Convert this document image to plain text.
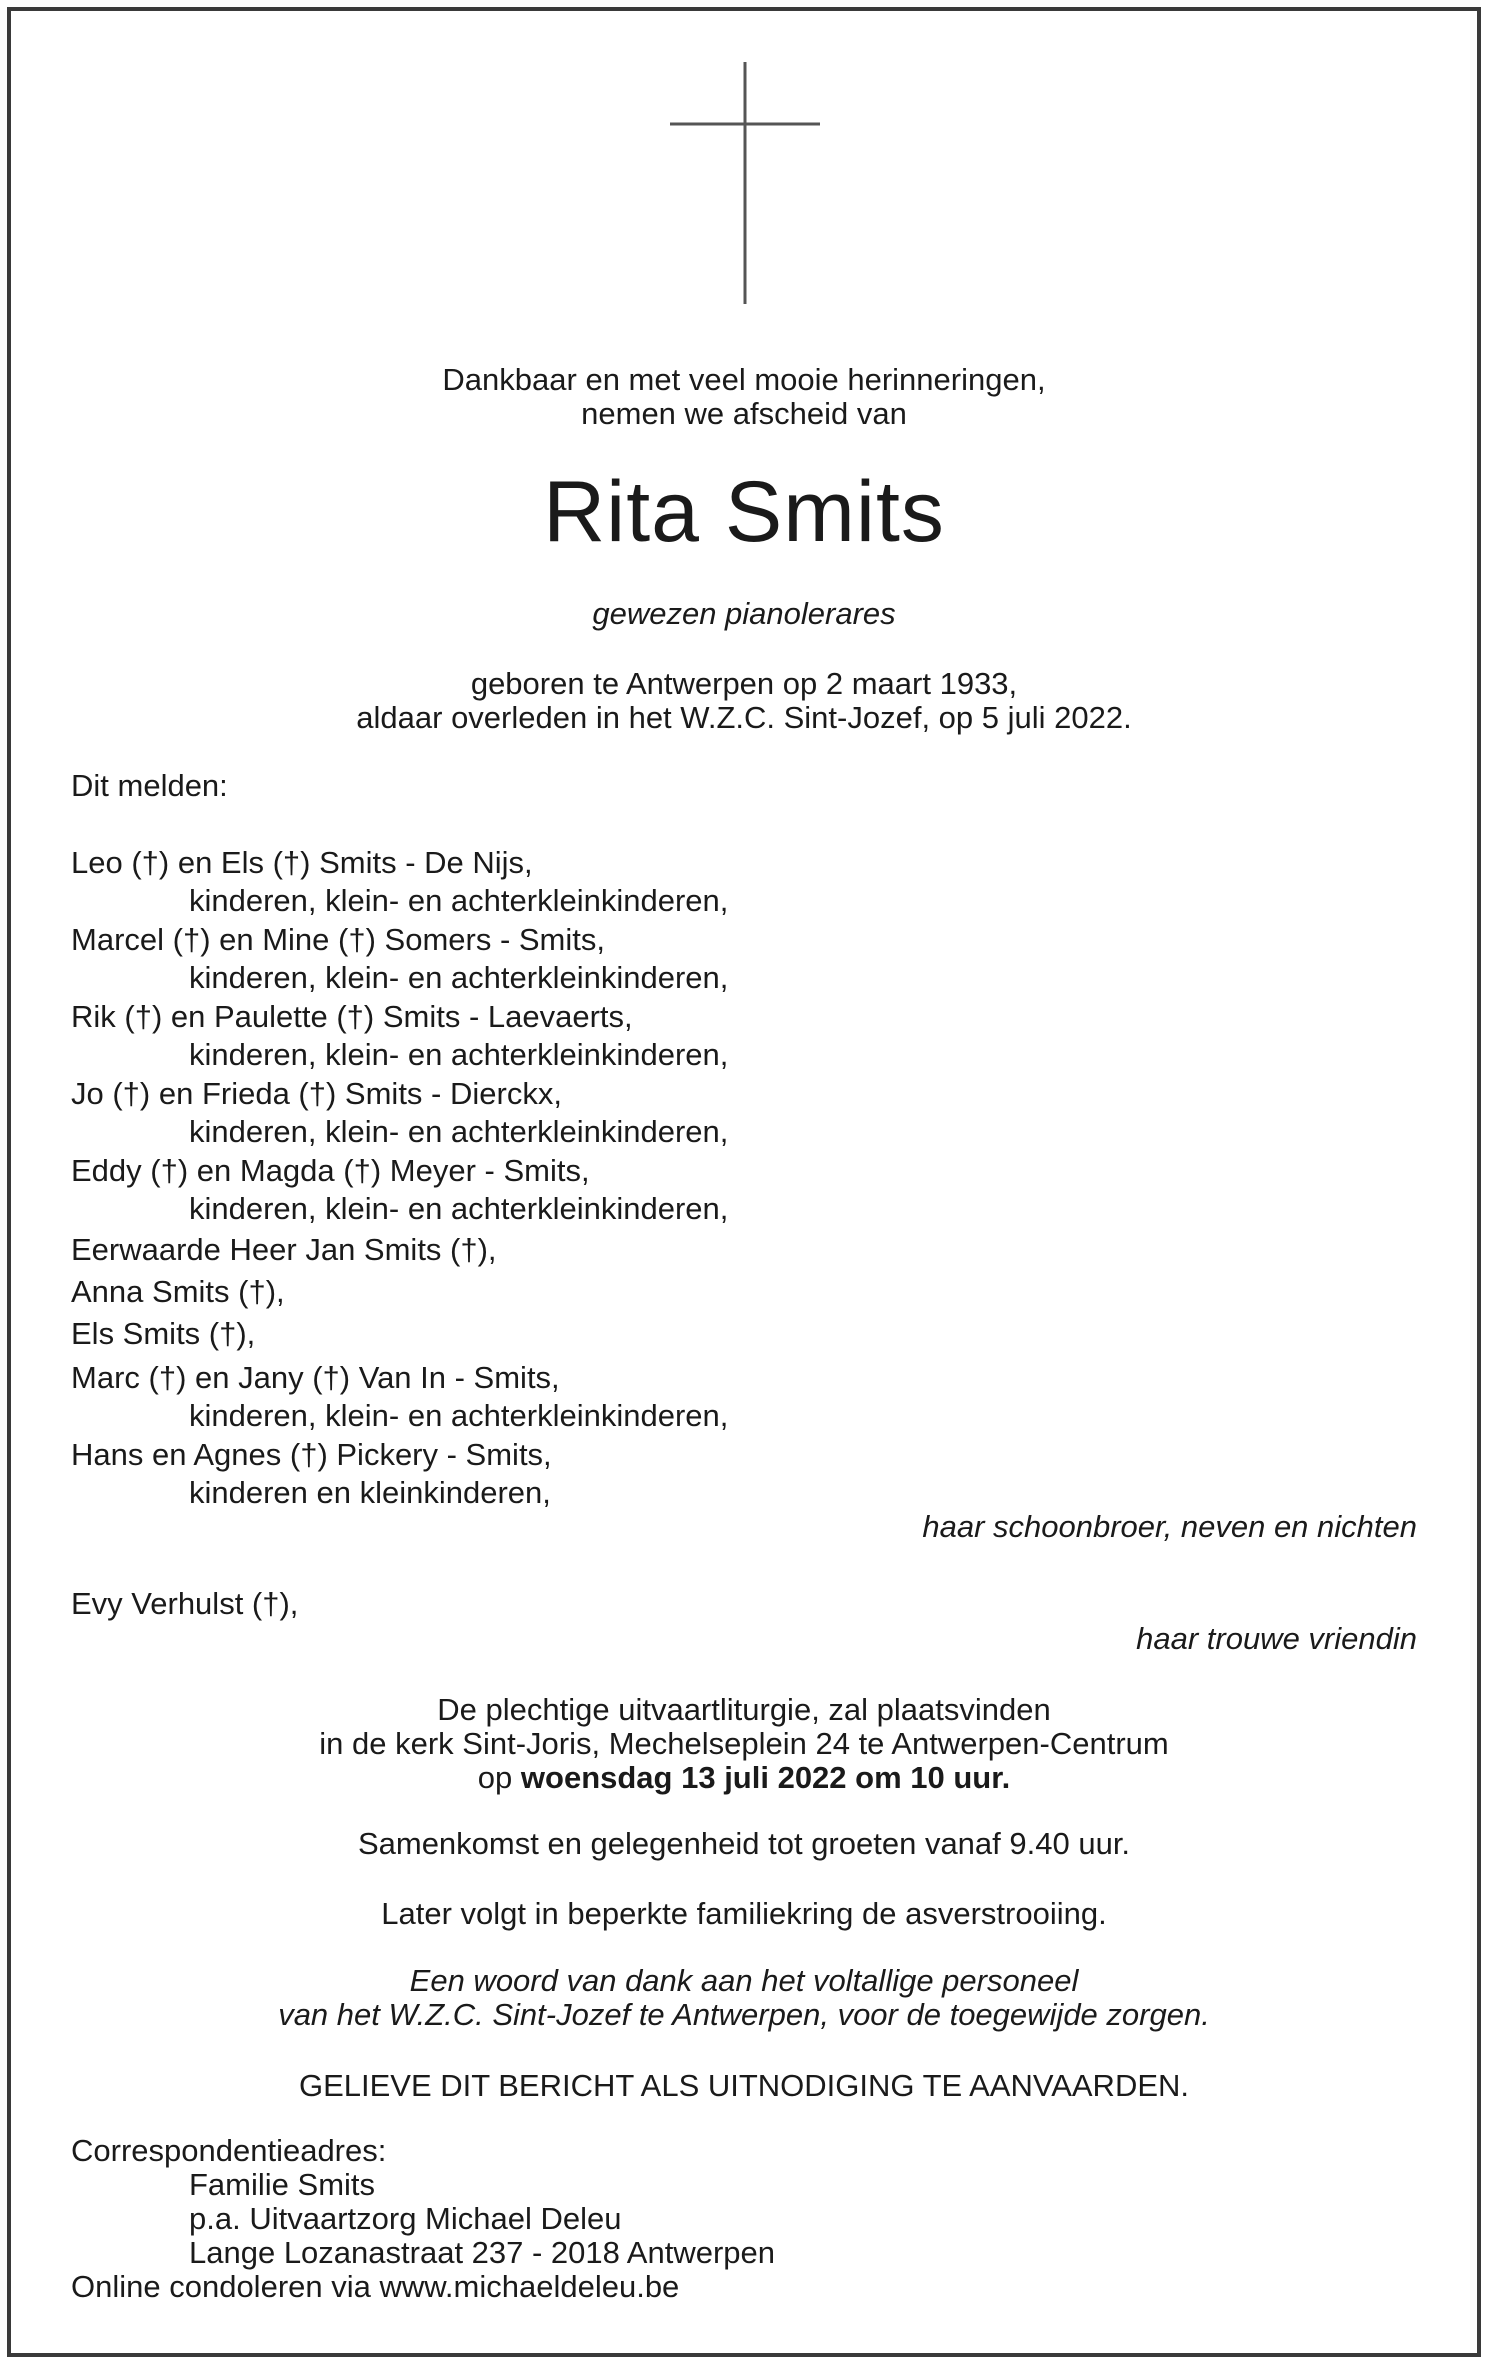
Dankbaar en met veel mooie herinneringen,
nemen we afscheid van
Rita Smits
gewezen pianolerares
geboren te Antwerpen op 2 maart 1933,
aldaar overleden in het W.Z.C. Sint-Jozef, op 5 juli 2022.
Dit melden:
Leo (†) en Els (†) Smits - De Nijs,
kinderen, klein- en achterkleinkinderen,
Marcel (†) en Mine (†) Somers - Smits,
kinderen, klein- en achterkleinkinderen,
Rik (†) en Paulette (†) Smits - Laevaerts,
kinderen, klein- en achterkleinkinderen,
Jo (†) en Frieda (†) Smits - Dierckx,
kinderen, klein- en achterkleinkinderen,
Eddy (†) en Magda (†) Meyer - Smits,
kinderen, klein- en achterkleinkinderen,
Eerwaarde Heer Jan Smits (†),
Anna Smits (†),
Els Smits (†),
Marc (†) en Jany (†) Van In - Smits,
kinderen, klein- en achterkleinkinderen,
Hans en Agnes (†) Pickery - Smits,
kinderen en kleinkinderen,
haar schoonbroer, neven en nichten
Evy Verhulst (†),
haar trouwe vriendin
De plechtige uitvaartliturgie, zal plaatsvinden
in de kerk Sint-Joris, Mechelseplein 24 te Antwerpen-Centrum
op woensdag 13 juli 2022 om 10 uur.
Samenkomst en gelegenheid tot groeten vanaf 9.40 uur.
Later volgt in beperkte familiekring de asverstrooiing.
Een woord van dank aan het voltallige personeel
van het W.Z.C. Sint-Jozef te Antwerpen, voor de toegewijde zorgen.
GELIEVE DIT BERICHT ALS UITNODIGING TE AANVAARDEN.
Correspondentieadres:
Familie Smits
p.a. Uitvaartzorg Michael Deleu
Lange Lozanastraat 237 - 2018 Antwerpen
Online condoleren via www.michaeldeleu.be
